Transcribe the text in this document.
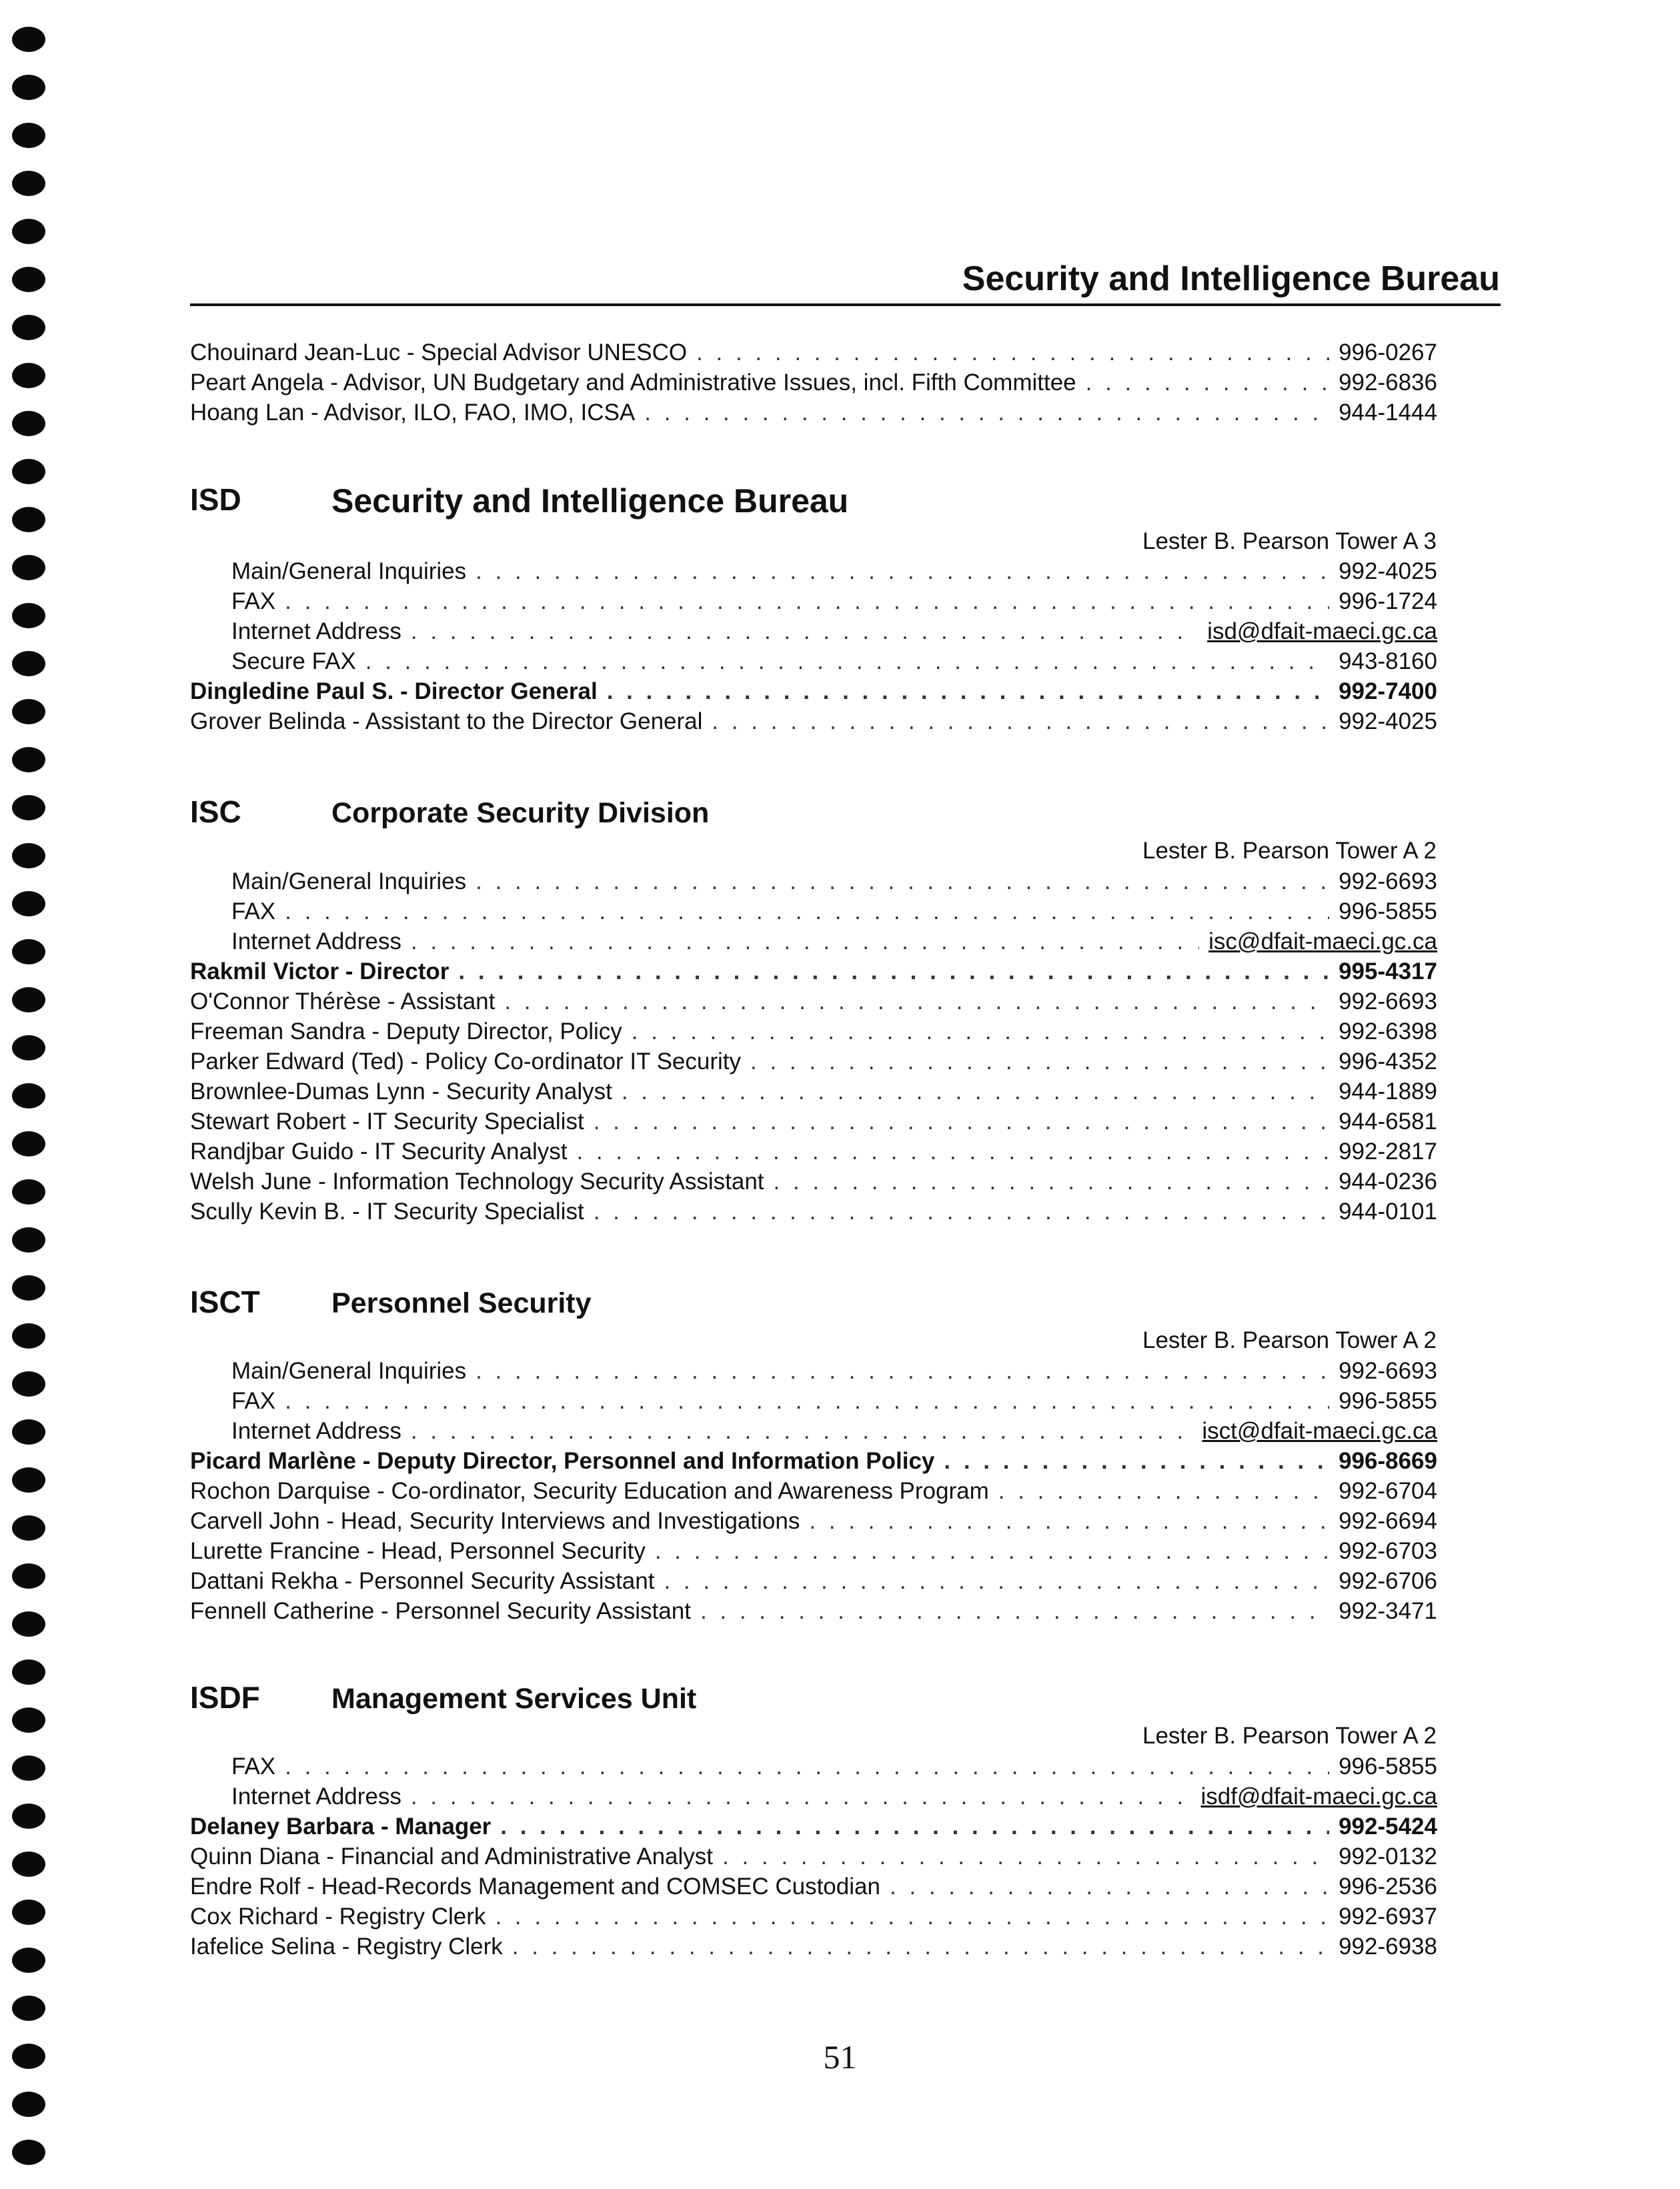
Security and Intelligence Bureau
Chouinard Jean-Luc - Special Advisor UNESCO . . .	996-0267
Peart Angela - Advisor, UN Budgetary and Administrative Issues, incl. Fifth Committee . . .	992-6836
Hoang Lan - Advisor, ILO, FAO, IMO, ICSA . . .	944-1444
ISD	Security and Intelligence Bureau
Lester B. Pearson Tower A 3
Main/General Inquiries . . .	992-4025
FAX . . .	996-1724
Internet Address . . .	isd@dfait-maeci.gc.ca
Secure FAX . . .	943-8160
Dingledine Paul S. - Director General . . .	992-7400
Grover Belinda - Assistant to the Director General . . .	992-4025
ISC	Corporate Security Division
Lester B. Pearson Tower A 2
Main/General Inquiries . . .	992-6693
FAX . . .	996-5855
Internet Address . . .	isc@dfait-maeci.gc.ca
Rakmil Victor - Director . . .	995-4317
O'Connor Thérèse - Assistant . . .	992-6693
Freeman Sandra - Deputy Director, Policy . . .	992-6398
Parker Edward (Ted) - Policy Co-ordinator IT Security . . .	996-4352
Brownlee-Dumas Lynn - Security Analyst . . .	944-1889
Stewart Robert - IT Security Specialist . . .	944-6581
Randjbar Guido - IT Security Analyst . . .	992-2817
Welsh June - Information Technology Security Assistant . . .	944-0236
Scully Kevin B. - IT Security Specialist . . .	944-0101
ISCT Personnel Security
Lester B. Pearson Tower A 2
Main/General Inquiries . . .	992-6693
FAX . . .	996-5855
Internet Address . . .	isct@dfait-maeci.gc.ca
Picard Marlène - Deputy Director, Personnel and Information Policy . . .	996-8669
Rochon Darquise - Co-ordinator, Security Education and Awareness Program . . .	992-6704
Carvell John - Head, Security Interviews and Investigations . . .	992-6694
Lurette Francine - Head, Personnel Security . . .	992-6703
Dattani Rekha - Personnel Security Assistant . . .	992-6706
Fennell Catherine - Personnel Security Assistant . . .	992-3471
ISDF Management Services Unit
Lester B. Pearson Tower A 2
FAX . . .	996-5855
Internet Address . . .	isdf@dfait-maeci.gc.ca
Delaney Barbara - Manager . . .	992-5424
Quinn Diana - Financial and Administrative Analyst . . .	992-0132
Endre Rolf - Head-Records Management and COMSEC Custodian . . .	996-2536
Cox Richard - Registry Clerk . . .	992-6937
Iafelice Selina - Registry Clerk . . .	992-6938
51
